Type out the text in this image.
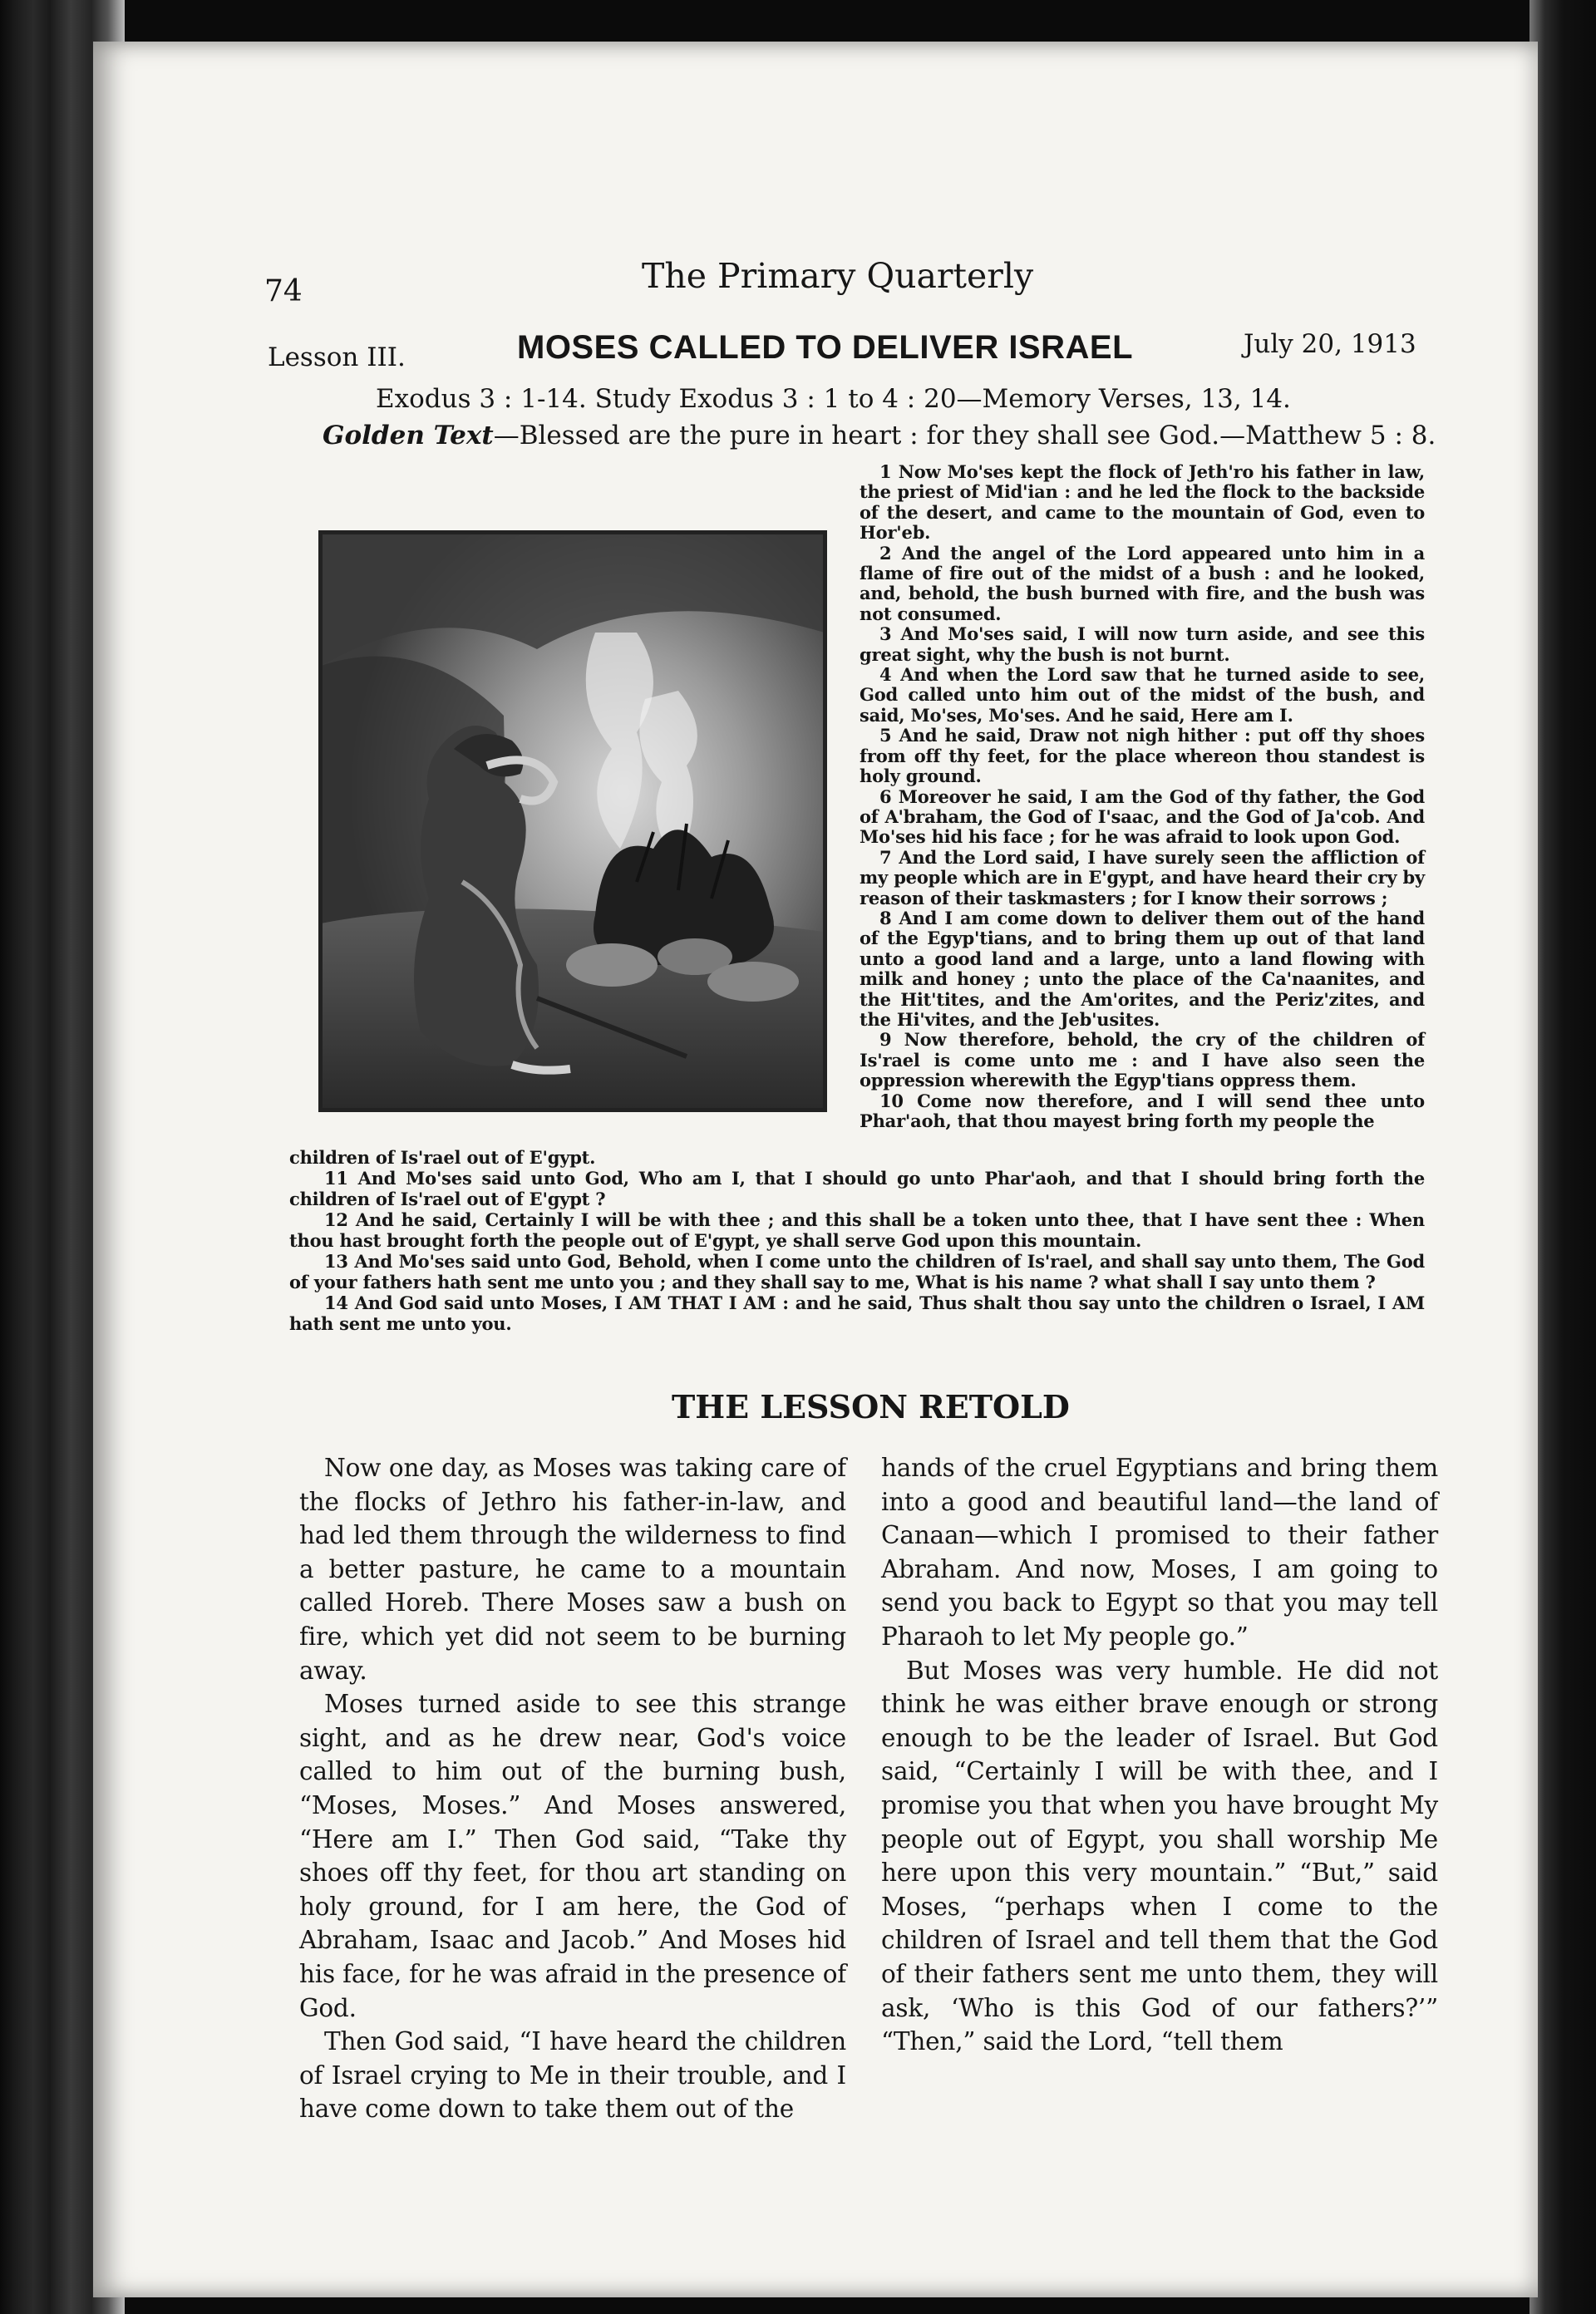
74	The Primary Quarterly
Lesson III.	MOSES CALLED TO DELIVER ISRAEL	July 20, 1913
Exodus 3 : 1-14. Study Exodus 3 : 1 to 4 : 20—Memory Verses, 13, 14.
Golden Text—Blessed are the pure in heart : for they shall see God.—Matthew 5 : 8.

1 Now Mo'ses kept the flock of Jeth'ro his father in law, the priest of Mid'ian : and he led the flock to the backside of the desert, and came to the mountain of God, even to Hor'eb.

2 And the angel of the Lord appeared unto him in a flame of fire out of the midst of a bush : and he looked, and, behold, the bush burned with fire, and the bush was not consumed.

3 And Mo'ses said, I will now turn aside, and see this great sight, why the bush is not burnt.

4 And when the Lord saw that he turned aside to see, God called unto him out of the midst of the bush, and said, Mo'ses, Mo'ses. And he said, Here am I.

5 And he said, Draw not nigh hither : put off thy shoes from off thy feet, for the place whereon thou standest is holy ground.

6 Moreover he said, I am the God of thy father, the God of A'braham, the God of I'saac, and the God of Ja'cob. And Mo'ses hid his face ; for he was afraid to look upon God.

7 And the Lord said, I have surely seen the affliction of my people which are in E'gypt, and have heard their cry by reason of their taskmasters ; for I know their sorrows ;

8 And I am come down to deliver them out of the hand of the Egyp'tians, and to bring them up out of that land unto a good land and a large, unto a land flowing with milk and honey ; unto the place of the Ca'naanites, and the Hit'tites, and the Am'orites, and the Periz'zites, and the Hi'vites, and the Jeb'usites.

9 Now therefore, behold, the cry of the children of Is'rael is come unto me : and I have also seen the oppression wherewith the Egyp'tians oppress them.

10 Come now therefore, and I will send thee unto Phar'aoh, that thou mayest bring forth my people the

children of Is'rael out of E'gypt.

11 And Mo'ses said unto God, Who am I, that I should go unto Phar'aoh, and that I should bring forth the children of Is'rael out of E'gypt ?

12 And he said, Certainly I will be with thee ; and this shall be a token unto thee, that I have sent thee : When thou hast brought forth the people out of E'gypt, ye shall serve God upon this mountain.

13 And Mo'ses said unto God, Behold, when I come unto the children of Is'rael, and shall say unto them, The God of your fathers hath sent me unto you ; and they shall say to me, What is his name ? what shall I say unto them ?

14 And God said unto Moses, I AM THAT I AM : and he said, Thus shalt thou say unto the children o Israel, I AM hath sent me unto you.

THE LESSON RETOLD

Now one day, as Moses was taking care of the flocks of Jethro his father-in-law, and had led them through the wilderness to find a better pasture, he came to a mountain called Horeb. There Moses saw a bush on fire, which yet did not seem to be burning away.

Moses turned aside to see this strange sight, and as he drew near, God's voice called to him out of the burning bush, “Moses, Moses.” And Moses answered, “Here am I.” Then God said, “Take thy shoes off thy feet, for thou art standing on holy ground, for I am here, the God of Abraham, Isaac and Jacob.” And Moses hid his face, for he was afraid in the presence of God.

Then God said, “I have heard the children of Israel crying to Me in their trouble, and I have come down to take them out of the

hands of the cruel Egyptians and bring them into a good and beautiful land—the land of Canaan—which I promised to their father Abraham. And now, Moses, I am going to send you back to Egypt so that you may tell Pharaoh to let My people go.”

But Moses was very humble. He did not think he was either brave enough or strong enough to be the leader of Israel. But God said, “Certainly I will be with thee, and I promise you that when you have brought My people out of Egypt, you shall worship Me here upon this very mountain.” “But,” said Moses, “perhaps when I come to the children of Israel and tell them that the God of their fathers sent me unto them, they will ask, ‘Who is this God of our fathers?’” “Then,” said the Lord, “tell them
